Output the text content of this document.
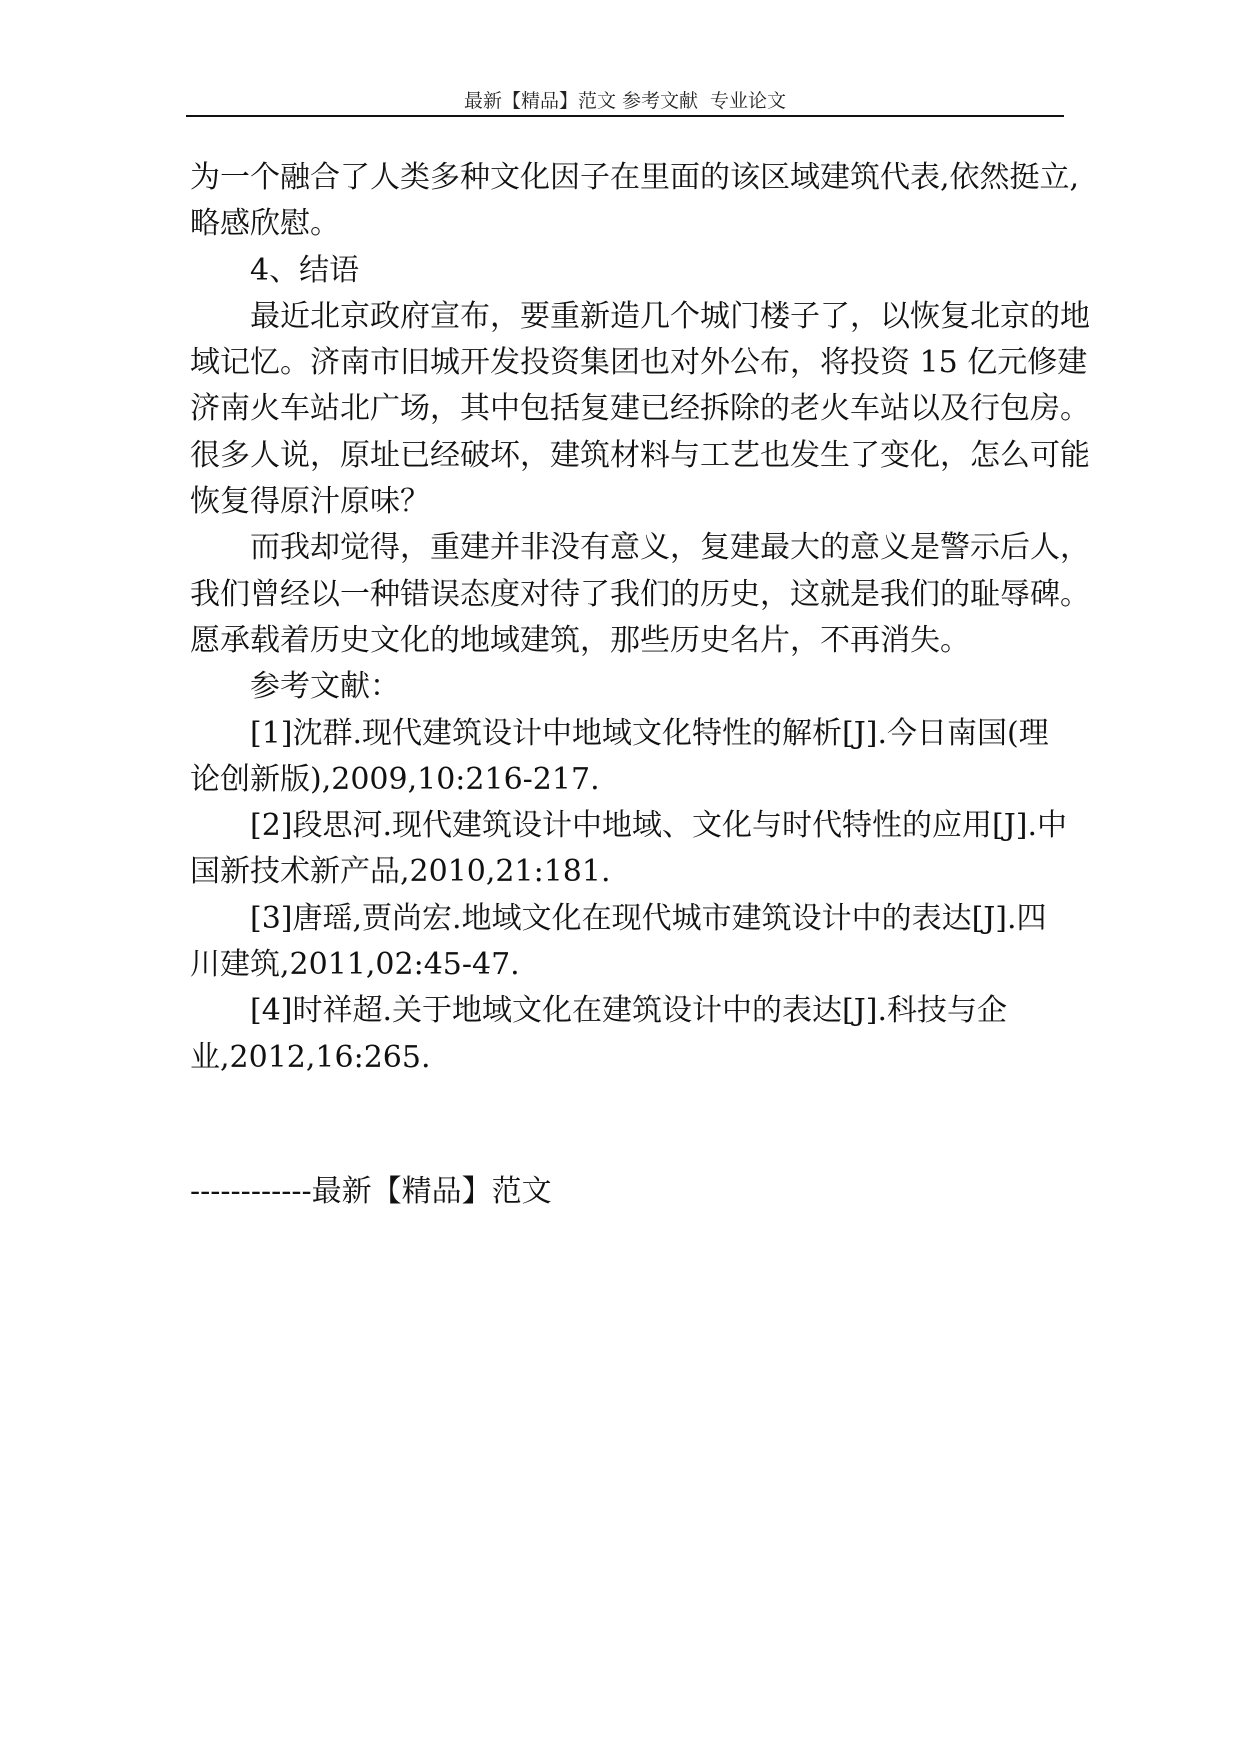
最新【精品】范文 参考文献  专业论文
为一个融合了人类多种文化因子在里面的该区域建筑代表,依然挺立,
略感欣慰。
4、结语
最近北京政府宣布，要重新造几个城门楼子了，以恢复北京的地
域记忆。济南市旧城开发投资集团也对外公布，将投资 15 亿元修建
济南火车站北广场，其中包括复建已经拆除的老火车站以及行包房。
很多人说，原址已经破坏，建筑材料与工艺也发生了变化，怎么可能
恢复得原汁原味？
而我却觉得，重建并非没有意义，复建最大的意义是警示后人，
我们曾经以一种错误态度对待了我们的历史，这就是我们的耻辱碑。
愿承载着历史文化的地域建筑，那些历史名片，不再消失。
参考文献：
[1]沈群.现代建筑设计中地域文化特性的解析[J].今日南国(理
论创新版),2009,10:216-217.
[2]段思河.现代建筑设计中地域、文化与时代特性的应用[J].中
国新技术新产品,2010,21:181.
[3]唐瑶,贾尚宏.地域文化在现代城市建筑设计中的表达[J].四
川建筑,2011,02:45-47.
[4]时祥超.关于地域文化在建筑设计中的表达[J].科技与企
业,2012,16:265.
------------最新【精品】范文
